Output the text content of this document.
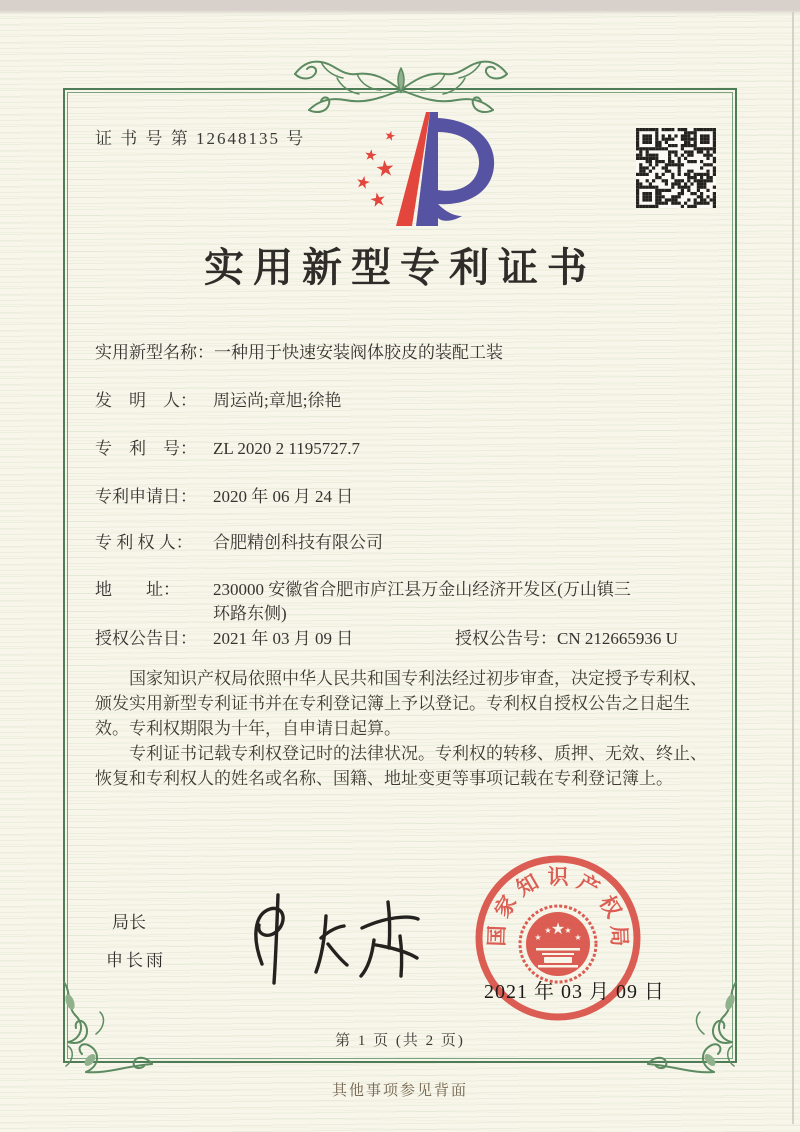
证 书 号 第 12648135 号	★
★
★
★
★
实用新型专利证书
实用新型名称： 一种用于快速安装阀体胶皮的装配工装
发　明　人： 周运尚;章旭;徐艳
专　利　号： ZL 2020 2 1195727.7
专利申请日： 2020 年 06 月 24 日
专 利 权 人：	合肥精创科技有限公司
地　　址：	230000 安徽省合肥市庐江县万金山经济开发区(万山镇三环路东侧)
授权公告日： 2021 年 03 月 09 日	授权公告号： CN 212665936 U

国家知识产权局依照中华人民共和国专利法经过初步审查，决定授予专利权、颁发实用新型专利证书并在专利登记簿上予以登记。专利权自授权公告之日起生效。专利权期限为十年，自申请日起算。

专利证书记载专利权登记时的法律状况。专利权的转移、质押、无效、终止、恢复和专利权人的姓名或名称、国籍、地址变更等事项记载在专利登记簿上。

局长
申长雨
国
家
知 识 产
权
局
★
★
★ ★
★
2021 年 03 月 09 日
第 1 页 (共 2 页)
其他事项参见背面
